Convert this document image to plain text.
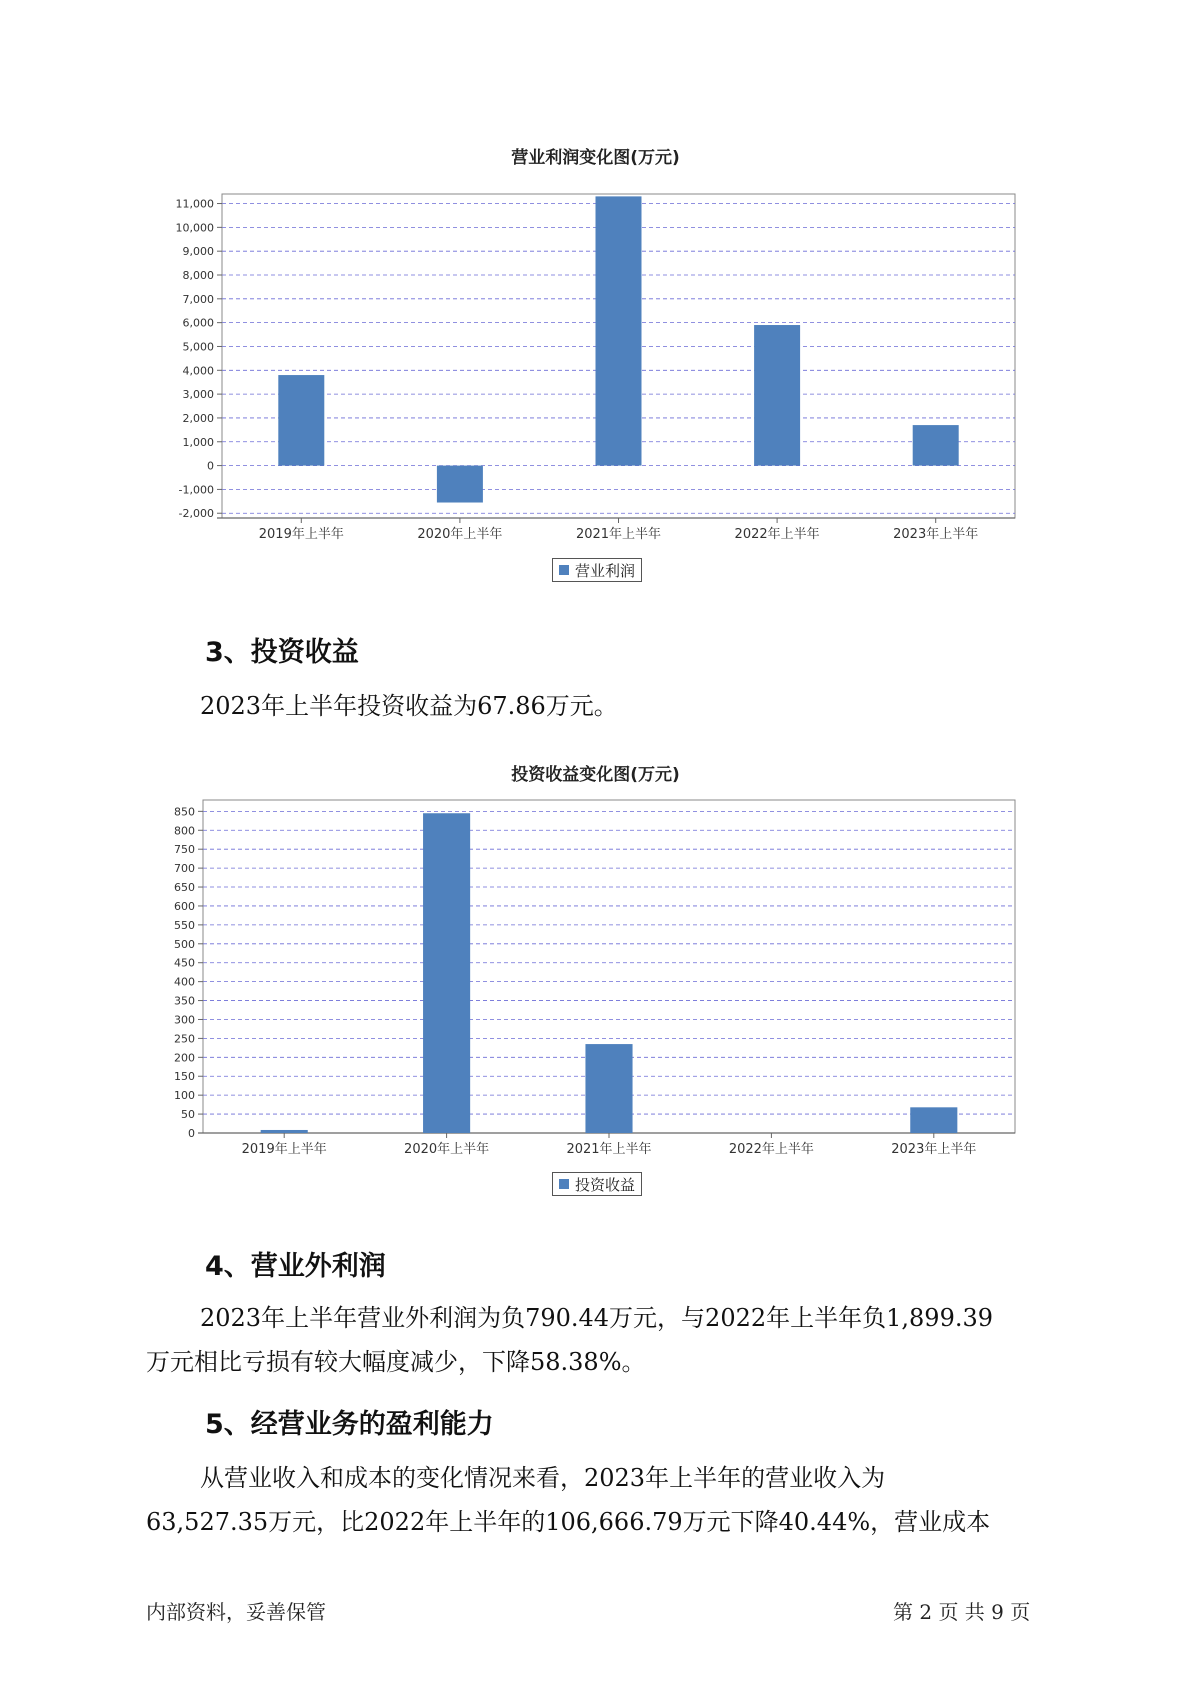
营业利润变化图(万元)
-2,000
-1,000
0
1,000
2,000
3,000
4,000
5,000
6,000
7,000
8,000
9,000
10,000
11,000
2019年上半年	2020年上半年	2021年上半年	2022年上半年	2023年上半年
营业利润
3、投资收益
2023年上半年投资收益为67.86万元。
投资收益变化图(万元)
0
50
100
150
200
250
300
350
400
450
500
550
600
650
700
750
800
850
2019年上半年	2020年上半年	2021年上半年	2022年上半年	2023年上半年
投资收益
4、营业外利润
2023年上半年营业外利润为负790.44万元，与2022年上半年负1,899.39
万元相比亏损有较大幅度减少，下降58.38%。
5、经营业务的盈利能力
从营业收入和成本的变化情况来看，2023年上半年的营业收入为
63,527.35万元，比2022年上半年的106,666.79万元下降40.44%，营业成本
内部资料，妥善保管	第 2 页 共 9 页
